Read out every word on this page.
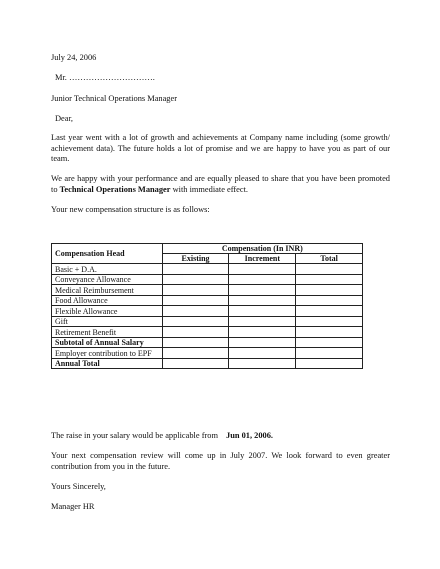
July 24, 2006

Mr. ………………………….

Junior Technical Operations Manager

Dear,

Last year went with a lot of growth and achievements at Company name including (some growth/ achievement data). The future holds a lot of promise and we are happy to have you as part of our team.

We are happy with your performance and are equally pleased to share that you have been promoted to Technical Operations Manager with immediate effect.

Your new compensation structure is as follows:

Compensation Head	Compensation (In INR)		
	Existing	Increment	Total
Basic + D.A.			
Conveyance Allowance			
Medical Reimbursement			
Food Allowance			
Flexible Allowance			
Gift			
Retirement Benefit			
Subtotal of Annual Salary			
Employer contribution to EPF			
Annual Total			

The raise in your salary would be applicable from Jun 01, 2006.

Your next compensation review will come up in July 2007. We look forward to even greater contribution from you in the future.

Yours Sincerely,

Manager HR
